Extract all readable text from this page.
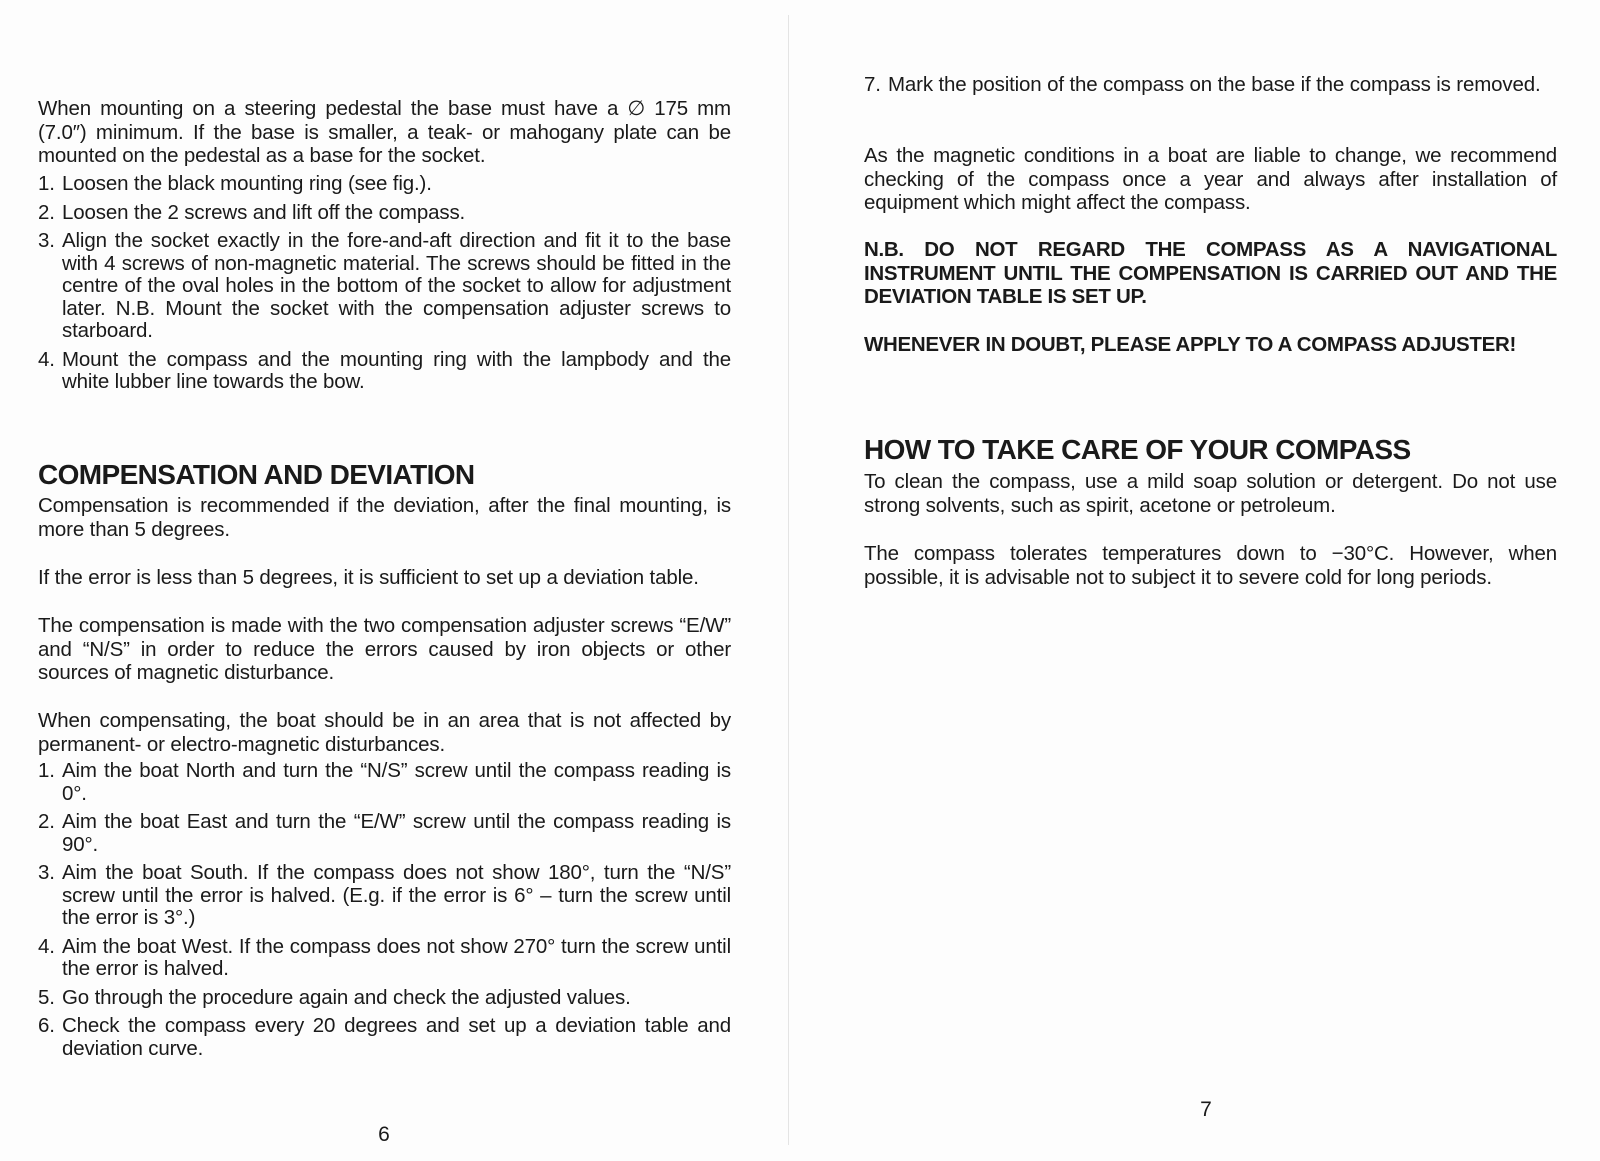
When mounting on a steering pedestal the base must have a ∅ 175 mm (7.0″) minimum. If the base is smaller, a teak- or mahogany plate can be mounted on the pedestal as a base for the socket.

1. Loosen the black mounting ring (see fig.).
2. Loosen the 2 screws and lift off the compass.
3. Align the socket exactly in the fore-and-aft direction and fit it to the base with 4 screws of non-magnetic material. The screws should be fitted in the centre of the oval holes in the bottom of the socket to allow for adjustment later. N.B. Mount the socket with the compensation adjuster screws to starboard.
4. Mount the compass and the mounting ring with the lampbody and the white lubber line towards the bow.
COMPENSATION AND DEVIATION

Compensation is recommended if the deviation, after the final mounting, is more than 5 degrees.

If the error is less than 5 degrees, it is sufficient to set up a deviation table.

The compensation is made with the two compensation adjuster screws “E/W” and “N/S” in order to reduce the errors caused by iron objects or other sources of magnetic disturbance.

When compensating, the boat should be in an area that is not affected by permanent- or electro-magnetic disturbances.

1. Aim the boat North and turn the “N/S” screw until the compass reading is 0°.
2. Aim the boat East and turn the “E/W” screw until the compass reading is 90°.
3. Aim the boat South. If the compass does not show 180°, turn the “N/S” screw until the error is halved. (E.g. if the error is 6° – turn the screw until the error is 3°.)
4. Aim the boat West. If the compass does not show 270° turn the screw until the error is halved.
5. Go through the procedure again and check the adjusted values.
6. Check the compass every 20 degrees and set up a deviation table and deviation curve.
6
7. Mark the position of the compass on the base if the compass is removed.

As the magnetic conditions in a boat are liable to change, we recommend checking of the compass once a year and always after installation of equipment which might affect the compass.

N.B. DO NOT REGARD THE COMPASS AS A NAVIGATIONAL INSTRUMENT UNTIL THE COMPENSATION IS CARRIED OUT AND THE DEVIATION TABLE IS SET UP.

WHENEVER IN DOUBT, PLEASE APPLY TO A COMPASS ADJUSTER!

HOW TO TAKE CARE OF YOUR COMPASS

To clean the compass, use a mild soap solution or detergent. Do not use strong solvents, such as spirit, acetone or petroleum.

The compass tolerates temperatures down to −30°C. However, when possible, it is advisable not to subject it to severe cold for long periods.

7
